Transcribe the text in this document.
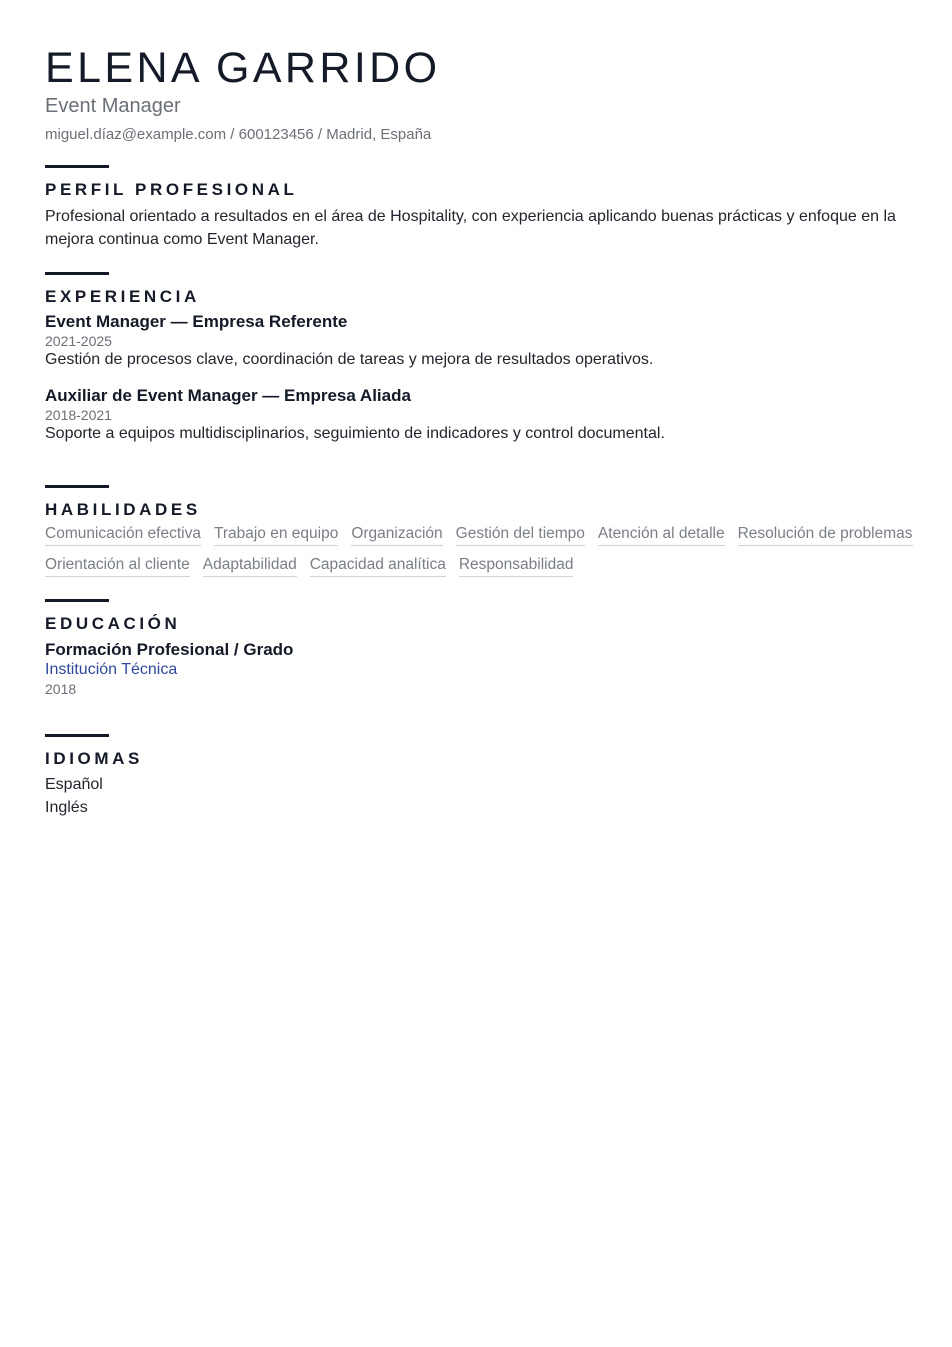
ELENA GARRIDO
Event Manager
miguel.díaz@example.com / 600123456 / Madrid, España
PERFIL PROFESIONAL

Profesional orientado a resultados en el área de Hospitality, con experiencia aplicando buenas prácticas y enfoque en la mejora continua como Event Manager.

EXPERIENCIA
Event Manager — Empresa Referente
2021-2025
Gestión de procesos clave, coordinación de tareas y mejora de resultados operativos.
Auxiliar de Event Manager — Empresa Aliada
2018-2021
Soporte a equipos multidisciplinarios, seguimiento de indicadores y control documental.
HABILIDADES
Comunicación efectiva Trabajo en equipo Organización Gestión del tiempo Atención al detalle Resolución de problemas
Orientación al cliente Adaptabilidad Capacidad analítica Responsabilidad
EDUCACIÓN
Formación Profesional / Grado
Institución Técnica
2018
IDIOMAS
Español
Inglés
